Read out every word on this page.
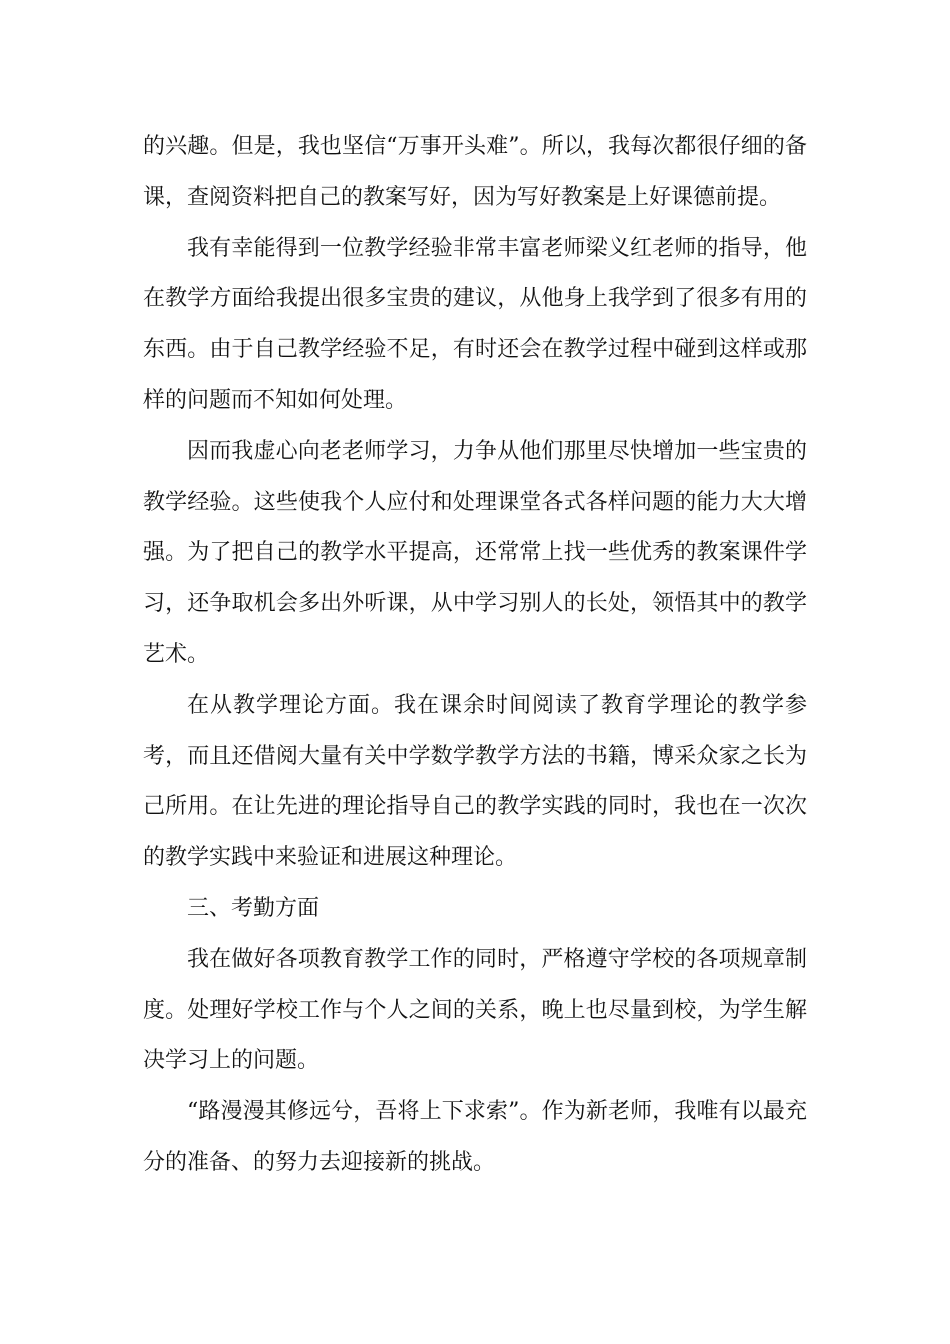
的兴趣。但是，我也坚信“万事开头难”。所以，我每次都很仔细的备课，查阅资料把自己的教案写好，因为写好教案是上好课德前提。

我有幸能得到一位教学经验非常丰富老师梁义红老师的指导，他在教学方面给我提出很多宝贵的建议，从他身上我学到了很多有用的东西。由于自己教学经验不足，有时还会在教学过程中碰到这样或那样的问题而不知如何处理。

因而我虚心向老老师学习，力争从他们那里尽快增加一些宝贵的教学经验。这些使我个人应付和处理课堂各式各样问题的能力大大增强。为了把自己的教学水平提高，还常常上找一些优秀的教案课件学习，还争取机会多出外听课，从中学习别人的长处，领悟其中的教学艺术。

在从教学理论方面。我在课余时间阅读了教育学理论的教学参考，而且还借阅大量有关中学数学教学方法的书籍，博采众家之长为己所用。在让先进的理论指导自己的教学实践的同时，我也在一次次的教学实践中来验证和进展这种理论。

三、考勤方面

我在做好各项教育教学工作的同时，严格遵守学校的各项规章制度。处理好学校工作与个人之间的关系，晚上也尽量到校，为学生解决学习上的问题。

“路漫漫其修远兮，吾将上下求索”。作为新老师，我唯有以最充分的准备、的努力去迎接新的挑战。
